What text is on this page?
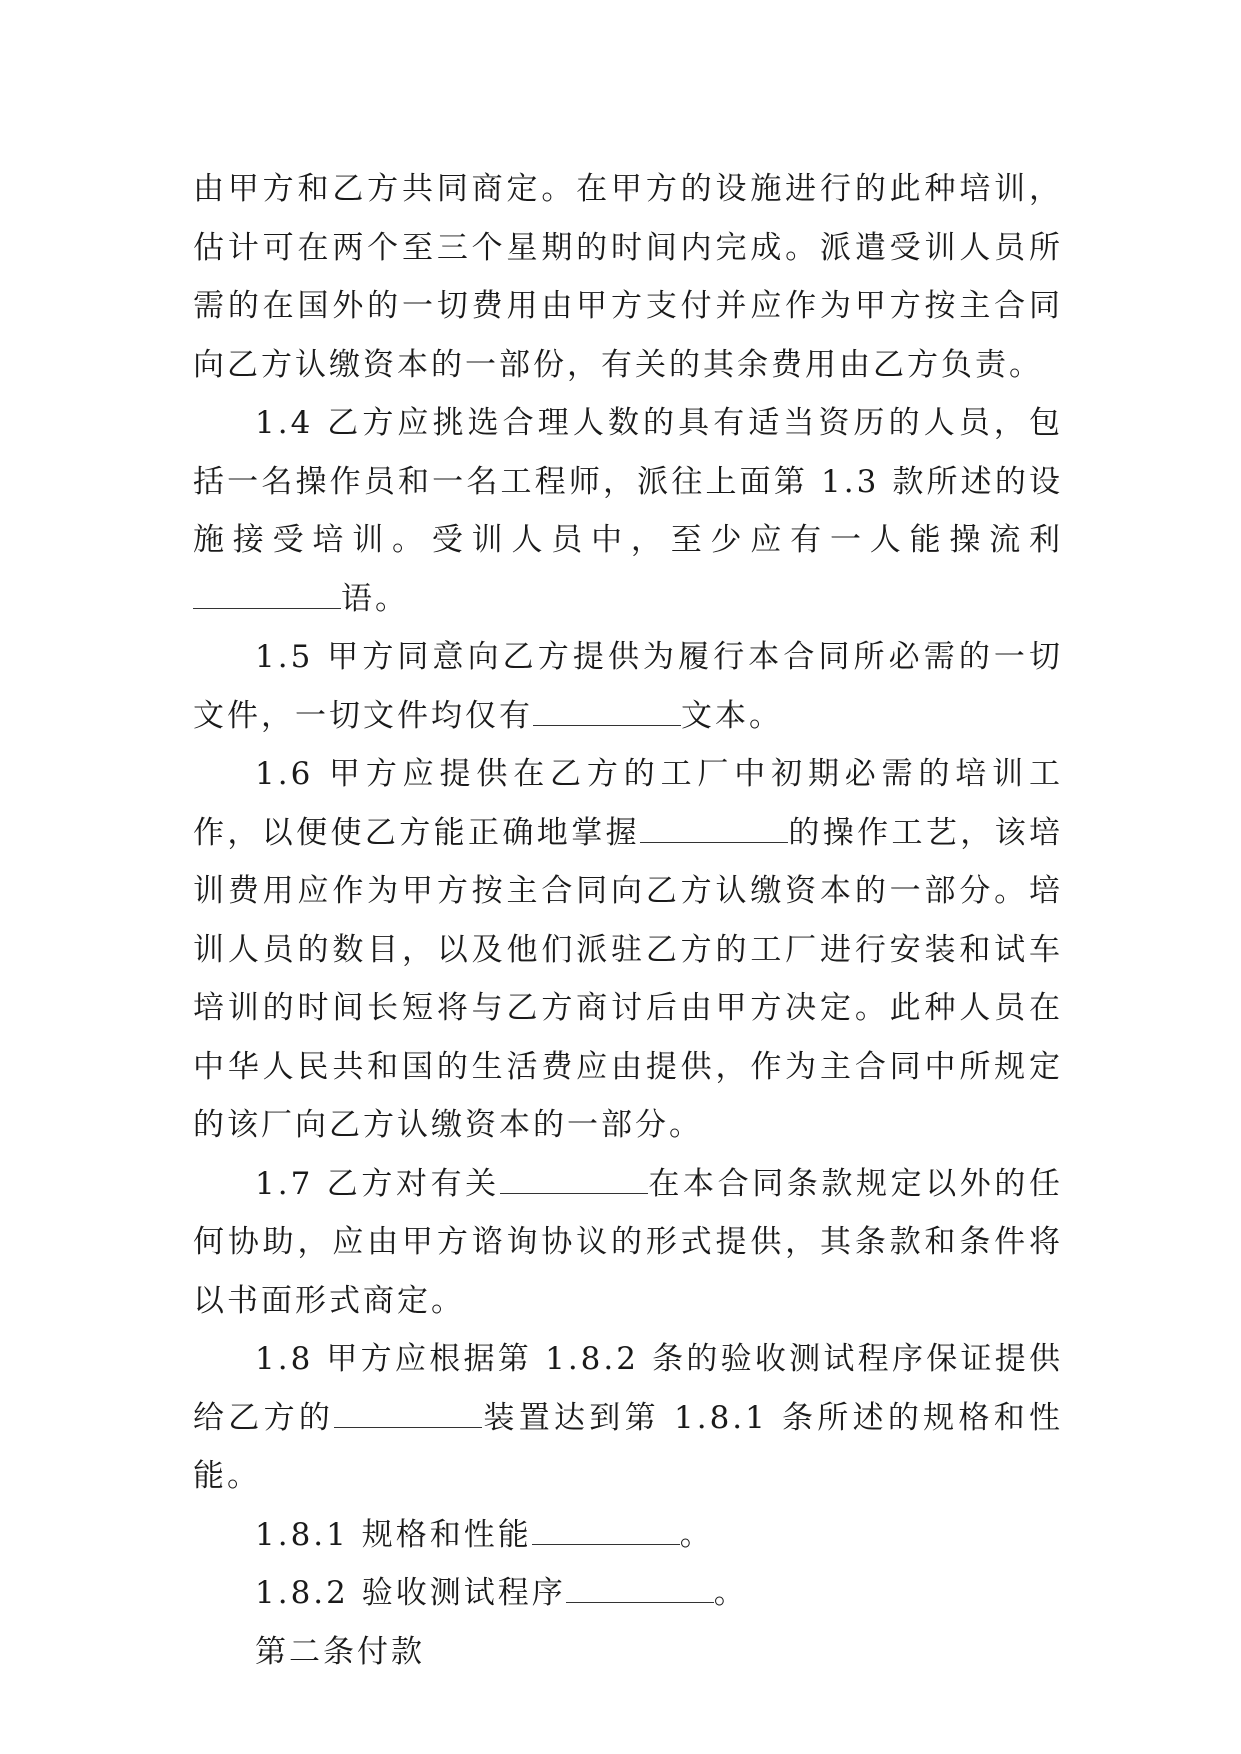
由甲方和乙方共同商定。在甲方的设施进行的此种培训，估计可在两个至三个星期的时间内完成。派遣受训人员所需的在国外的一切费用由甲方支付并应作为甲方按主合同向乙方认缴资本的一部份，有关的其余费用由乙方负责。

1.4 乙方应挑选合理人数的具有适当资历的人员，包括一名操作员和一名工程师，派往上面第 1.3 款所述的设施接受培训。受训人员中，至少应有一人能操流利语。

1.5 甲方同意向乙方提供为履行本合同所必需的一切文件，一切文件均仅有	文本。

1.6 甲方应提供在乙方的工厂中初期必需的培训工作，以便使乙方能正确地掌握	的操作工艺，该培训费用应作为甲方按主合同向乙方认缴资本的一部分。培训人员的数目，以及他们派驻乙方的工厂进行安装和试车培训的时间长短将与乙方商讨后由甲方决定。此种人员在中华人民共和国的生活费应由提供，作为主合同中所规定的该厂向乙方认缴资本的一部分。

1.7 乙方对有关	在本合同条款规定以外的任何协助，应由甲方谘询协议的形式提供，其条款和条件将以书面形式商定。

1.8 甲方应根据第 1.8.2 条的验收测试程序保证提供给乙方的	装置达到第 1.8.1 条所述的规格和性能。

1.8.1 规格和性能	。

1.8.2 验收测试程序	。

第二条付款
